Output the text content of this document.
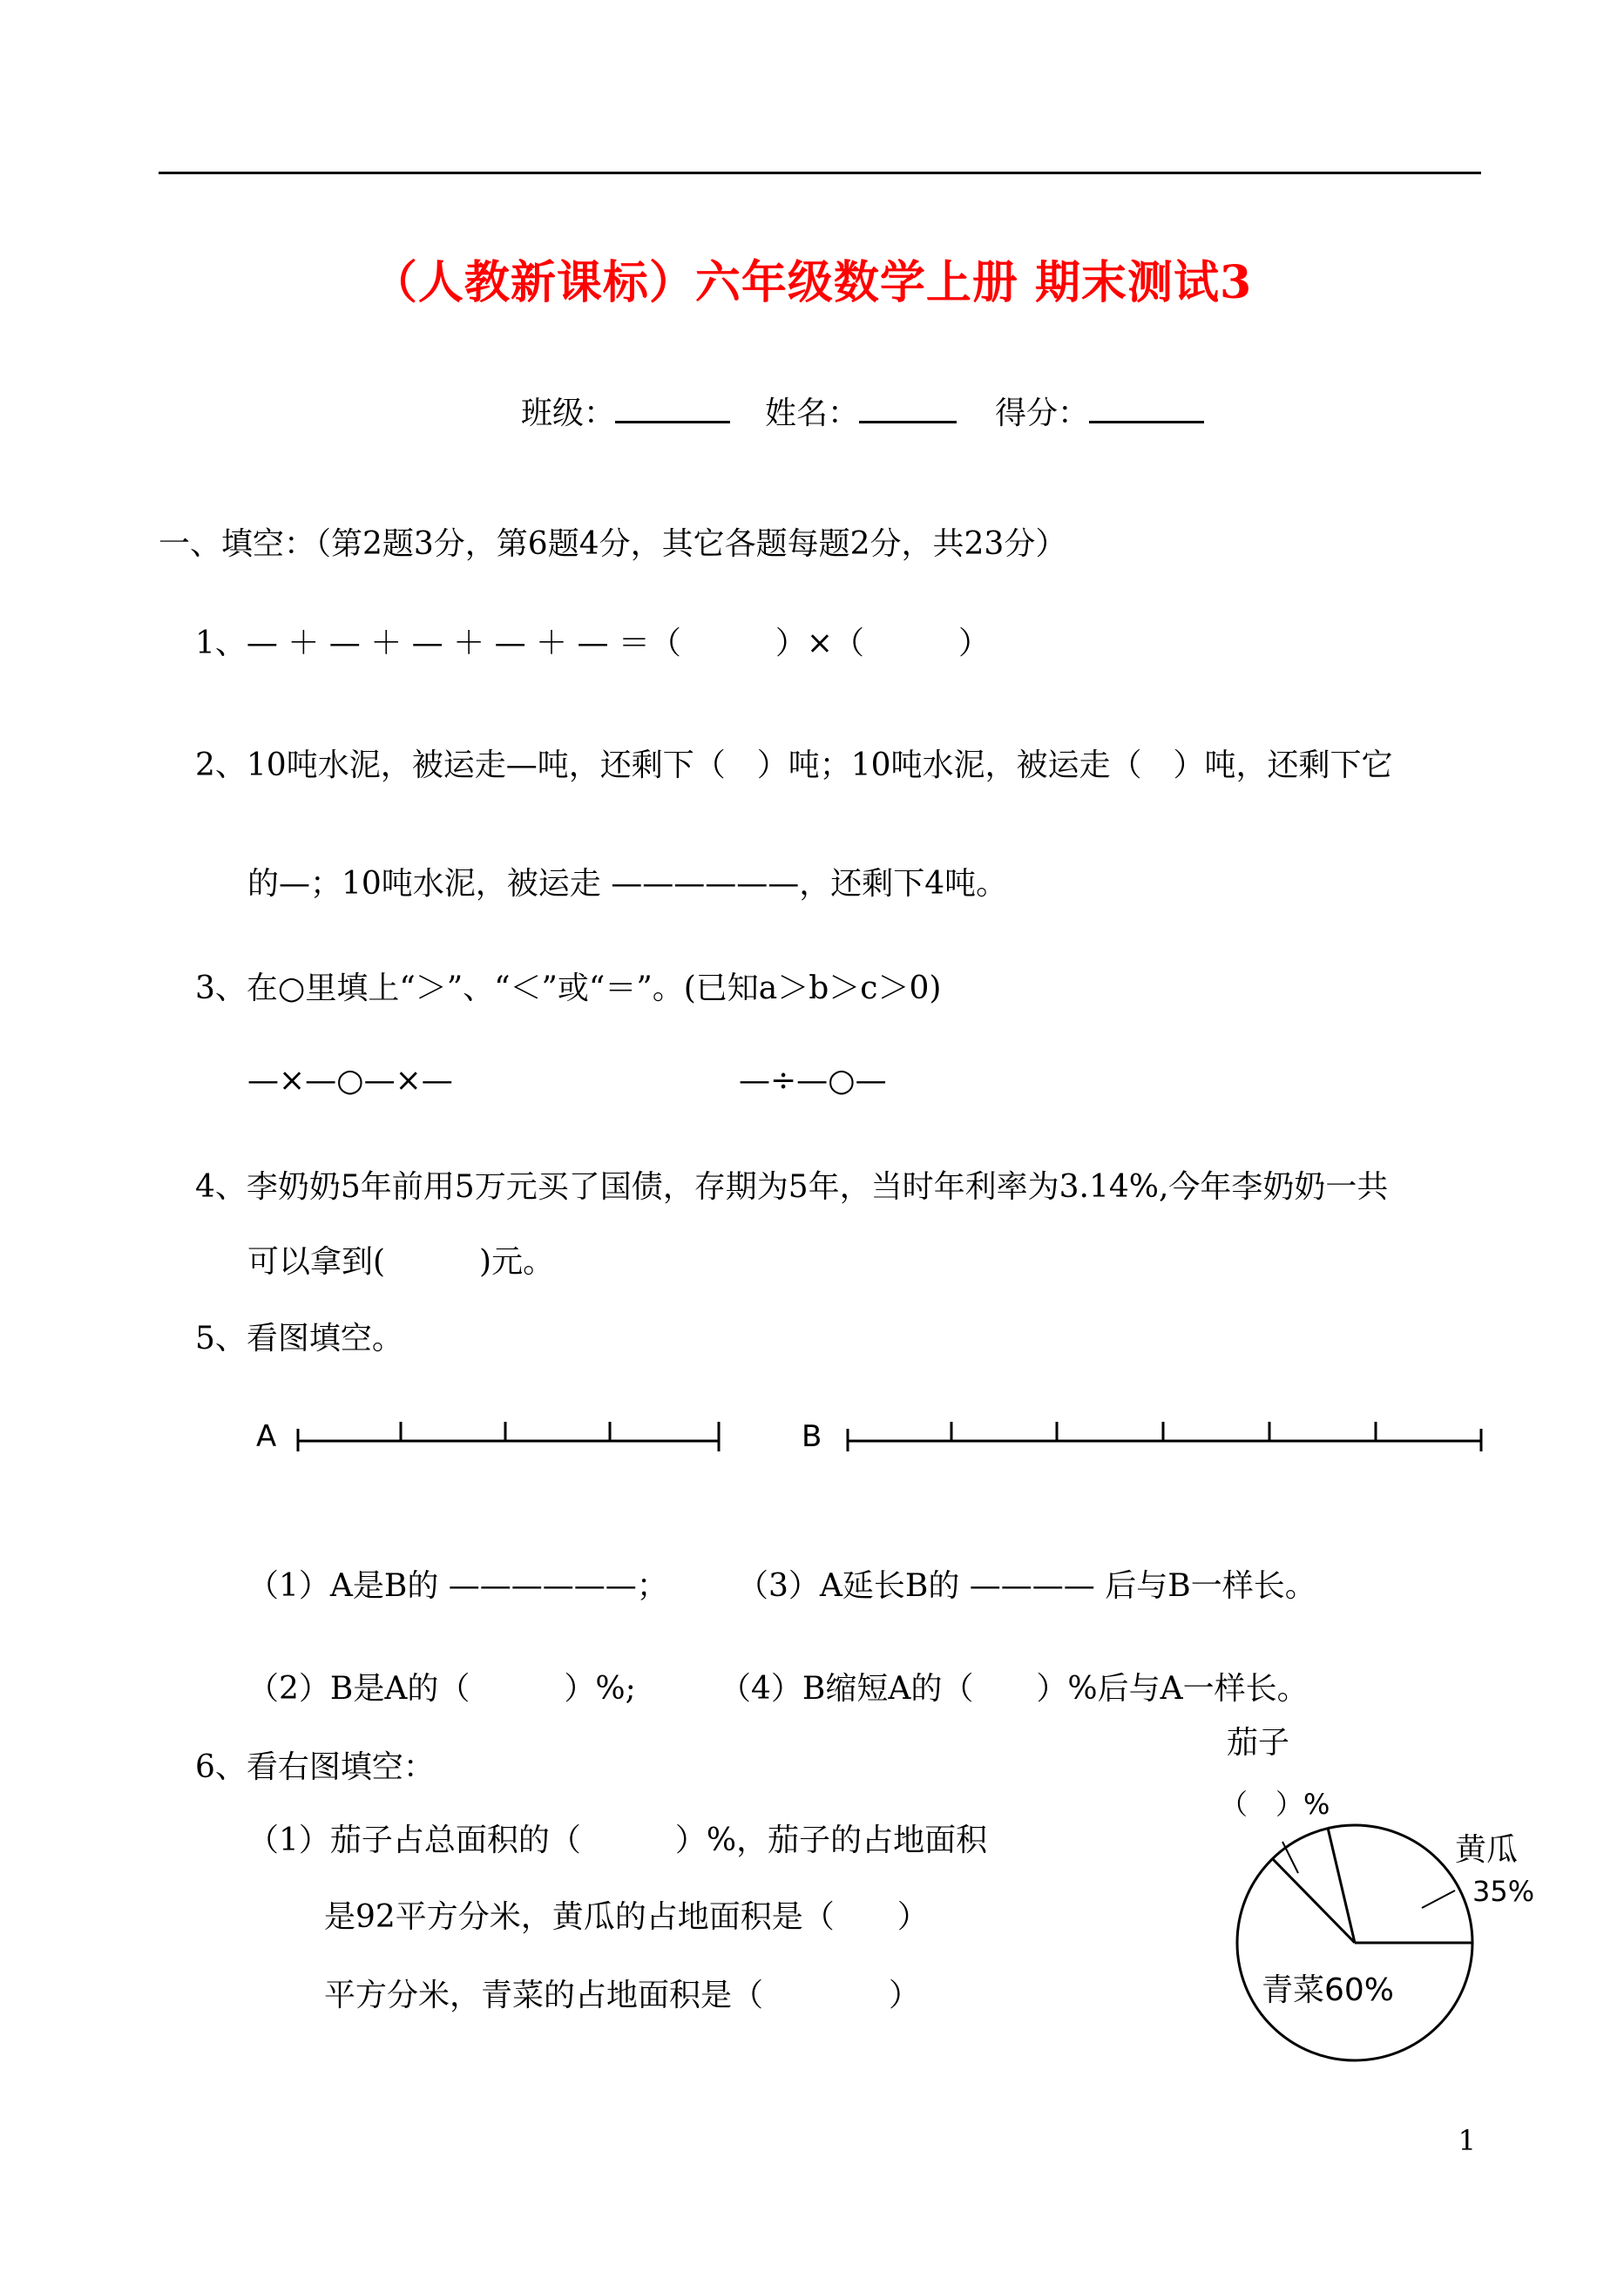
（人教新课标）六年级数学上册 期末测试3
班级：	姓名：	得分：
一、填空：（第2题3分，第6题4分，其它各题每题2分，共23分）
1、— ＋ — ＋ — ＋ — ＋ — ＝（　　　）×（　　　）
2、10吨水泥，被运走—吨，还剩下（　）吨；10吨水泥，被运走（　）吨，还剩下它
的—；10吨水泥，被运走 ——————，还剩下4吨。
3、在○里填上“＞”、“＜”或“＝”。(已知a＞b＞c＞0)
—×—○—×—	—÷—○—
4、李奶奶5年前用5万元买了国债，存期为5年，当时年利率为3.14%,今年李奶奶一共
可以拿到(　　　)元。
5、看图填空。
A	B
（1）A是B的 ——————； （3）A延长B的 ———— 后与B一样长。
（2）B是A的（　　　）%;	（4）B缩短A的（　　）%后与A一样长。
6、看右图填空：
（1）茄子占总面积的（　　　）%，茄子的占地面积
是92平方分米，黄瓜的占地面积是（　　）
平方分米，青菜的占地面积是（　　　　）
茄子
（　）%
黄瓜
35%
青菜60%
1
